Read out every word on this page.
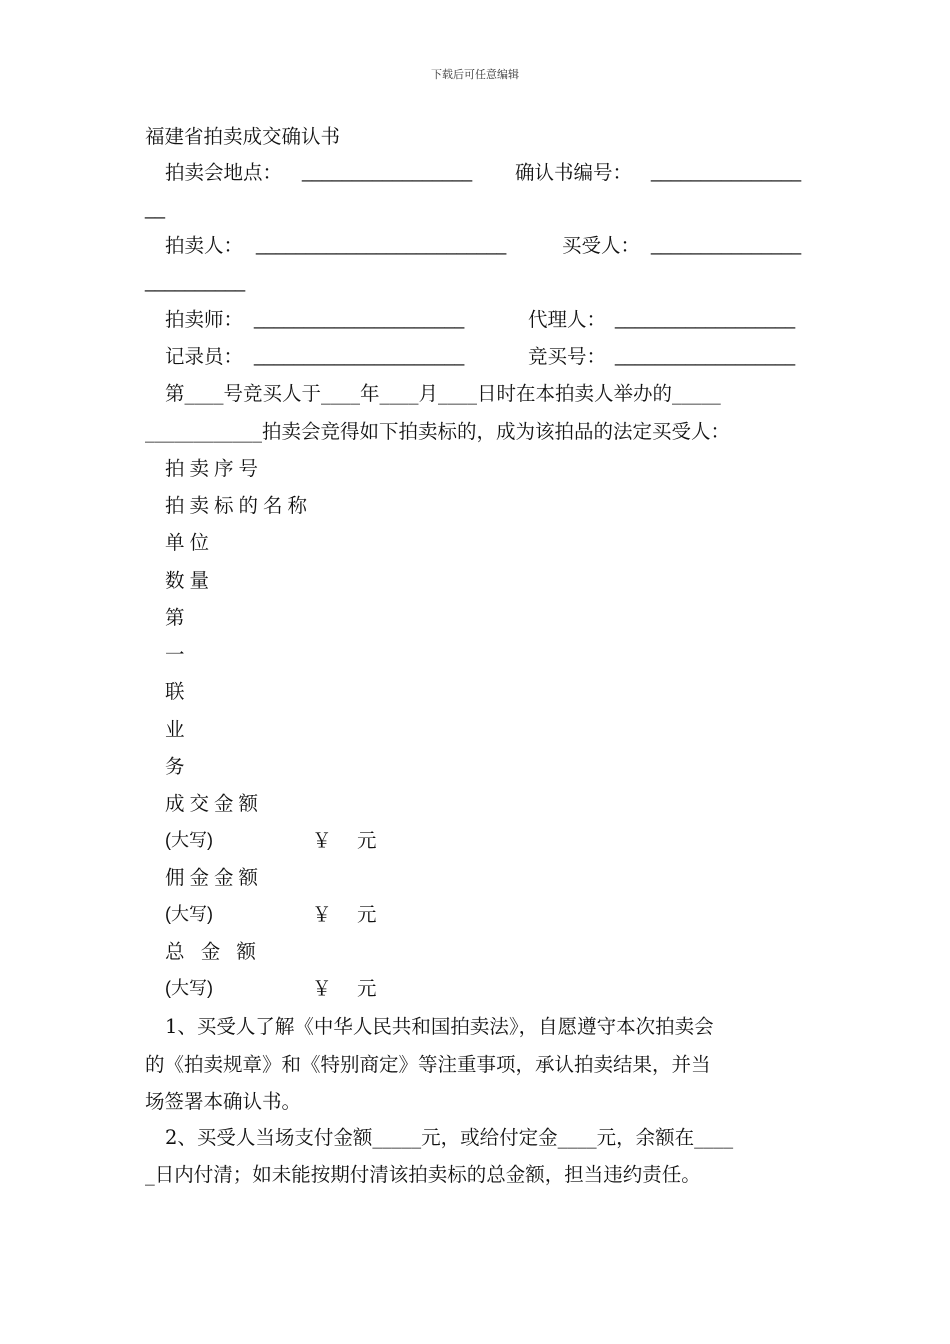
下载后可任意编辑
福建省拍卖成交确认书
拍卖会地点： _________________ 确认书编号： _______________
__
拍卖人： _________________________	买受人： _______________
__________
拍卖师： _____________________	代理人： __________________
记录员： _____________________	竞买号： __________________
第____号竞买人于____年____月____日时在本拍卖人举办的_____
____________拍卖会竞得如下拍卖标的，成为该拍品的法定买受人：
拍卖序号
拍卖标的名称
单位
数量
第
一
联
业
务
成交金额
(大写)	￥ 元
佣金金额
(大写)	￥ 元
总 金 额
(大写)	￥ 元
1、买受人了解《中华人民共和国拍卖法》，自愿遵守本次拍卖会
的《拍卖规章》和《特别商定》等注重事项，承认拍卖结果，并当
场签署本确认书。
2、买受人当场支付金额_____元，或给付定金____元，余额在____
_日内付清；如未能按期付清该拍卖标的总金额，担当违约责任。
